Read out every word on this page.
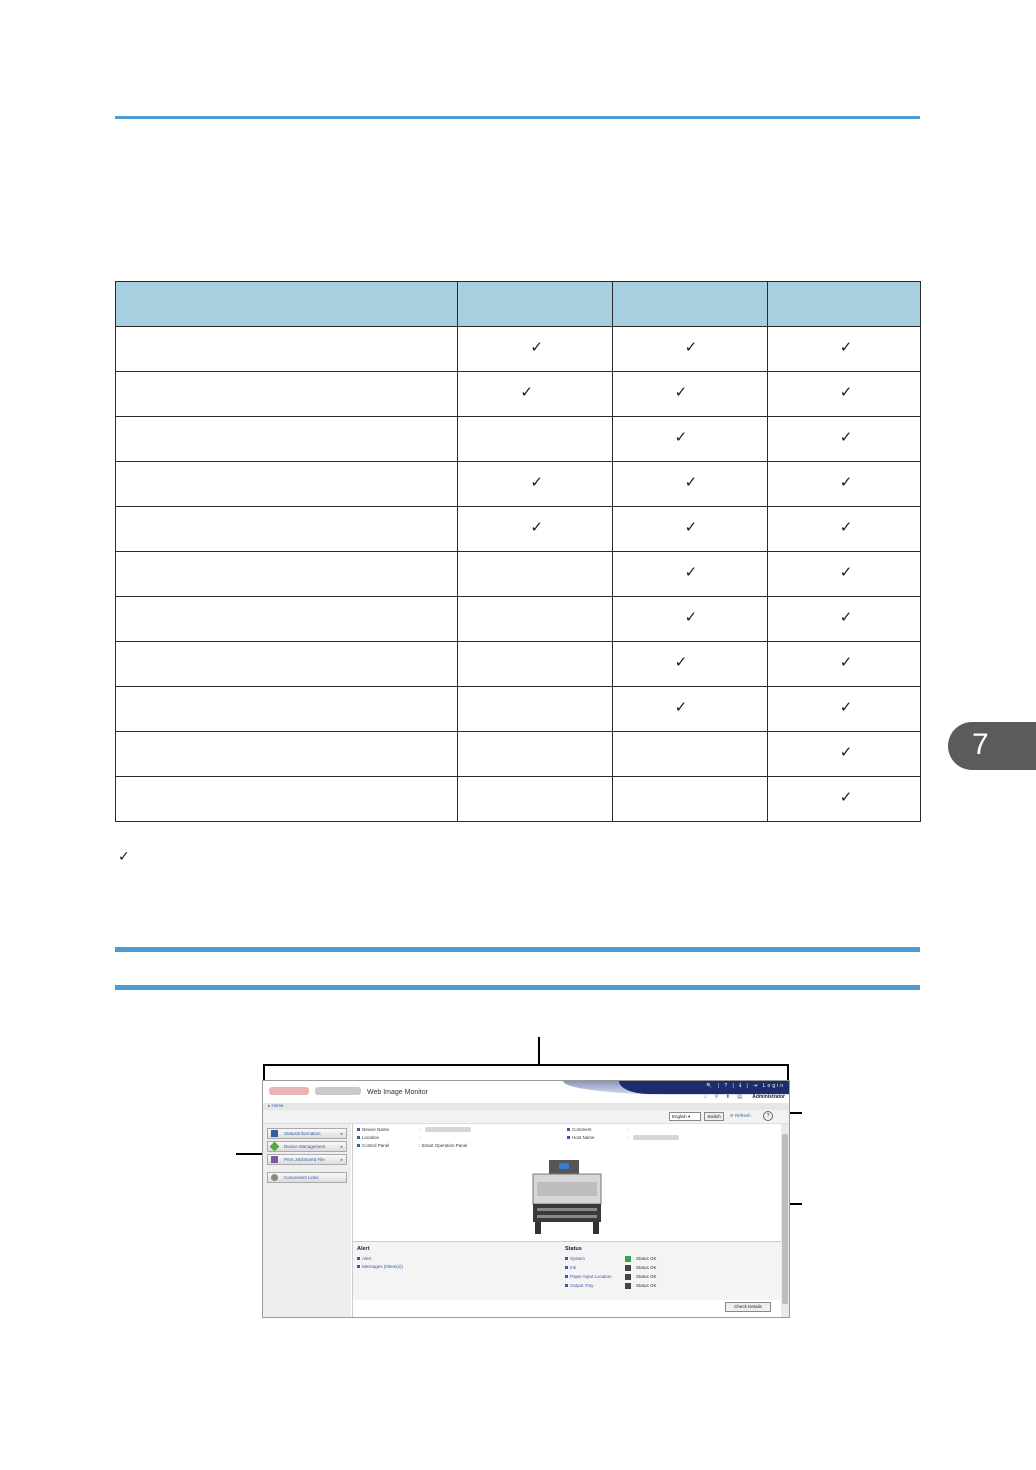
	✓	✓	✓

	✓	✓	✓

		✓	✓

	✓	✓	✓

	✓	✓	✓

		✓	✓

		✓	✓

		✓	✓

		✓	✓

			✓

			✓
✓
7
Web Image Monitor
🔍 | ? | ℹ | ⇥ Login
⌂ ⚲ ⬆ ▤ Administrator
▸ Home
English ▾	Switch	⟳ Refresh	?
Status/Information	▸
Device Management	▸
Print Job/Stored File	▸
Convenient Links
Device Name	:
Location	:
Control Panel	: Smart Operation Panel
Comment	:
Host Name	:
Alert
Alert
Messages (0item(s))
Status
System	Status OK
Ink	Status OK
Paper Input Location	Status OK
Output Tray	Status OK
Check Details
